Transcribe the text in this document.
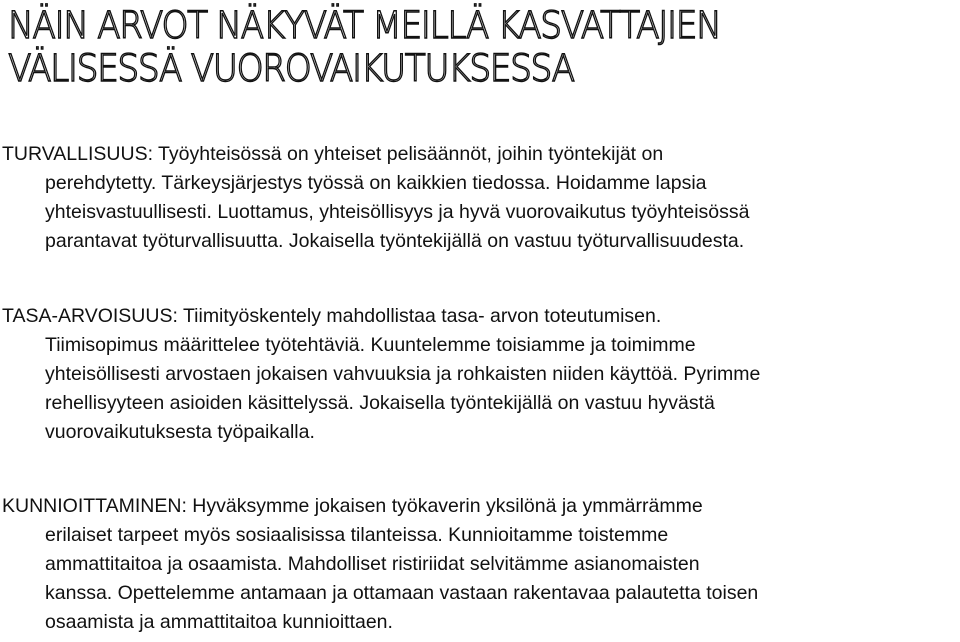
NÄIN ARVOT NÄKYVÄT MEILLÄ KASVATTAJIEN
VÄLISESSÄ VUOROVAIKUTUKSESSA
TURVALLISUUS: Työyhteisössä on yhteiset pelisäännöt, joihin työntekijät on
perehdytetty. Tärkeysjärjestys työssä on kaikkien tiedossa. Hoidamme lapsia
yhteisvastuullisesti. Luottamus, yhteisöllisyys ja hyvä vuorovaikutus työyhteisössä
parantavat työturvallisuutta. Jokaisella työntekijällä on vastuu työturvallisuudesta.
TASA-ARVOISUUS: Tiimityöskentely mahdollistaa tasa- arvon toteutumisen.
Tiimisopimus määrittelee työtehtäviä. Kuuntelemme toisiamme ja toimimme
yhteisöllisesti arvostaen jokaisen vahvuuksia ja rohkaisten niiden käyttöä. Pyrimme
rehellisyyteen asioiden käsittelyssä. Jokaisella työntekijällä on vastuu hyvästä
vuorovaikutuksesta työpaikalla.
KUNNIOITTAMINEN: Hyväksymme jokaisen työkaverin yksilönä ja ymmärrämme
erilaiset tarpeet myös sosiaalisissa tilanteissa. Kunnioitamme toistemme
ammattitaitoa ja osaamista. Mahdolliset ristiriidat selvitämme asianomaisten
kanssa. Opettelemme antamaan ja ottamaan vastaan rakentavaa palautetta toisen
osaamista ja ammattitaitoa kunnioittaen.
